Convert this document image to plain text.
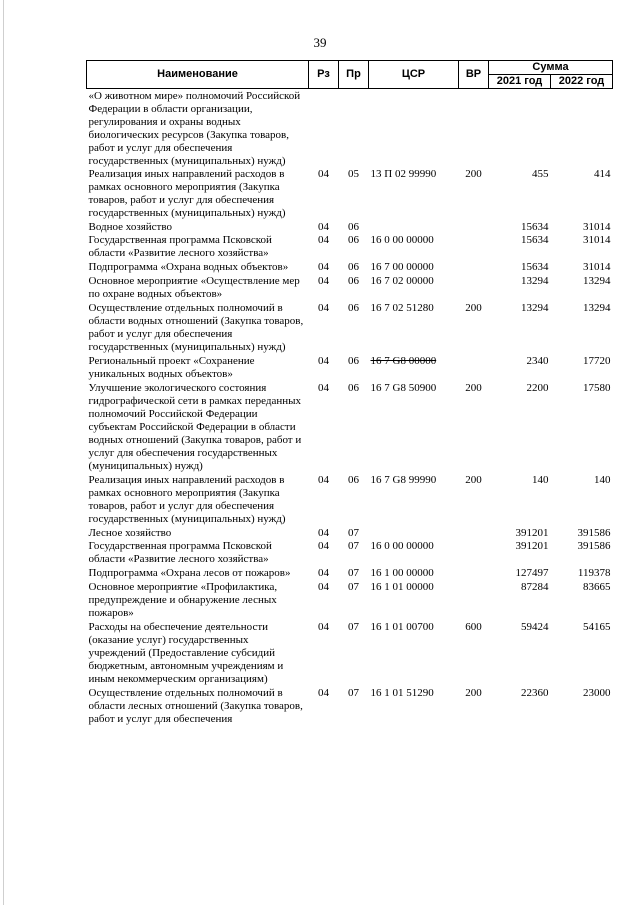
39
Наименование	Рз	Пр	ЦСР	ВР	Сумма	
					2021 год	2022 год
«О животном мире» полномочий Российской Федерации в области организации, регулирования и охраны водных биологических ресурсов (Закупка товаров, работ и услуг для обеспечения государственных (муниципальных) нужд)						
Реализация иных направлений расходов в рамках основного мероприятия (Закупка товаров, работ и услуг для обеспечения государственных (муниципальных) нужд)	04	05	13 П 02 99990	200	455	414
Водное хозяйство	04	06			15634	31014
Государственная программа Псковской области «Развитие лесного хозяйства»	04	06	16 0 00 00000		15634	31014
Подпрограмма «Охрана водных объектов»	04	06	16 7 00 00000		15634	31014
Основное мероприятие «Осуществление мер по охране водных объектов»	04	06	16 7 02 00000		13294	13294
Осуществление отдельных полномочий в области водных отношений (Закупка товаров, работ и услуг для обеспечения государственных (муниципальных) нужд)	04	06	16 7 02 51280	200	13294	13294
Региональный проект «Сохранение уникальных водных объектов»	04	06	16 7 G8 00000		2340	17720
Улучшение экологического состояния гидрографической сети в рамках переданных полномочий Российской Федерации субъектам Российской Федерации в области водных отношений (Закупка товаров, работ и услуг для обеспечения государственных (муниципальных) нужд)	04	06	16 7 G8 50900	200	2200	17580
Реализация иных направлений расходов в рамках основного мероприятия (Закупка товаров, работ и услуг для обеспечения государственных (муниципальных) нужд)	04	06	16 7 G8 99990	200	140	140
Лесное хозяйство	04	07			391201	391586
Государственная программа Псковской области «Развитие лесного хозяйства»	04	07	16 0 00 00000		391201	391586
Подпрограмма «Охрана лесов от пожаров»	04	07	16 1 00 00000		127497	119378
Основное мероприятие «Профилактика, предупреждение и обнаружение лесных пожаров»	04	07	16 1 01 00000		87284	83665
Расходы на обеспечение деятельности (оказание услуг) государственных учреждений (Предоставление субсидий бюджетным, автономным учреждениям и иным некоммерческим организациям)	04	07	16 1 01 00700	600	59424	54165
Осуществление отдельных полномочий в области лесных отношений (Закупка товаров, работ и услуг для обеспечения	04	07	16 1 01 51290	200	22360	23000
